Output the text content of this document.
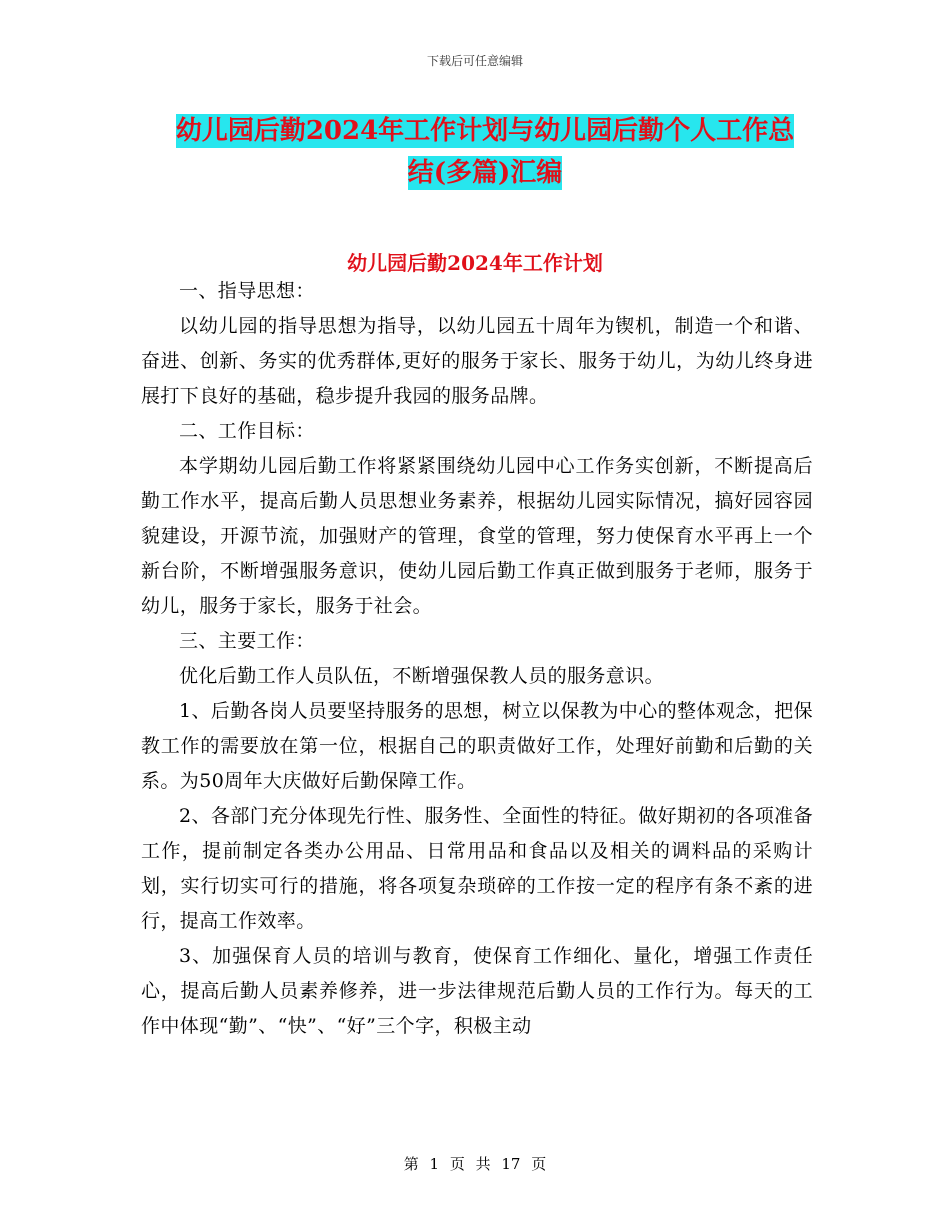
下载后可任意编辑
幼儿园后勤2024年工作计划与幼儿园后勤个人工作总
结(多篇)汇编
幼儿园后勤2024年工作计划

一、指导思想：

以幼儿园的指导思想为指导，以幼儿园五十周年为锲机，制造一个和谐、奋进、创新、务实的优秀群体,更好的服务于家长、服务于幼儿，为幼儿终身进展打下良好的基础，稳步提升我园的服务品牌。

二、工作目标：

本学期幼儿园后勤工作将紧紧围绕幼儿园中心工作务实创新，不断提高后勤工作水平，提高后勤人员思想业务素养，根据幼儿园实际情况，搞好园容园貌建设，开源节流，加强财产的管理，食堂的管理，努力使保育水平再上一个新台阶，不断增强服务意识，使幼儿园后勤工作真正做到服务于老师，服务于幼儿，服务于家长，服务于社会。

三、主要工作：

优化后勤工作人员队伍，不断增强保教人员的服务意识。

1、后勤各岗人员要坚持服务的思想，树立以保教为中心的整体观念，把保教工作的需要放在第一位，根据自己的职责做好工作，处理好前勤和后勤的关系。为50周年大庆做好后勤保障工作。

2、各部门充分体现先行性、服务性、全面性的特征。做好期初的各项准备工作，提前制定各类办公用品、日常用品和食品以及相关的调料品的采购计划，实行切实可行的措施，将各项复杂琐碎的工作按一定的程序有条不紊的进行，提高工作效率。

3、加强保育人员的培训与教育，使保育工作细化、量化，增强工作责任心，提高后勤人员素养修养，进一步法律规范后勤人员的工作行为。每天的工作中体现“勤”、“快”、“好”三个字，积极主动

第 1 页 共 17 页
